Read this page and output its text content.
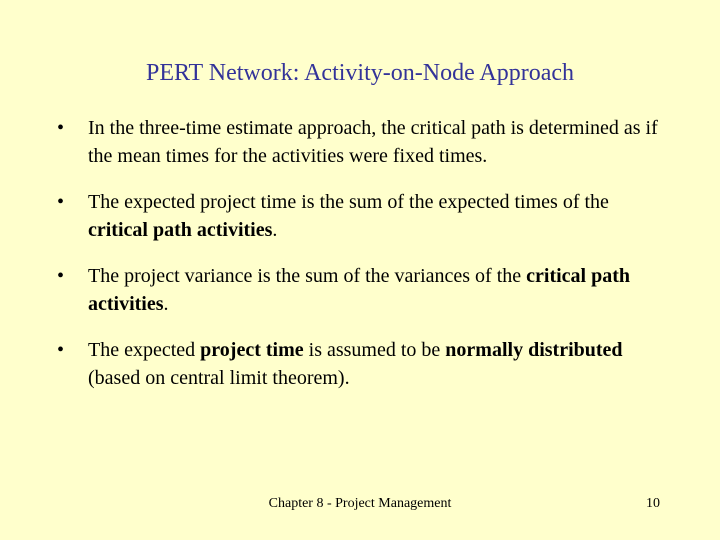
PERT Network: Activity-on-Node Approach
•	In the three-time estimate approach, the critical path is determined as if the mean times for the activities were fixed times.
•	The expected project time is the sum of the expected times of the critical path activities.
•	The project variance is the sum of the variances of the critical path activities.
•	The expected project time is assumed to be normally distributed (based on central limit theorem).
Chapter 8 - Project Management	10
